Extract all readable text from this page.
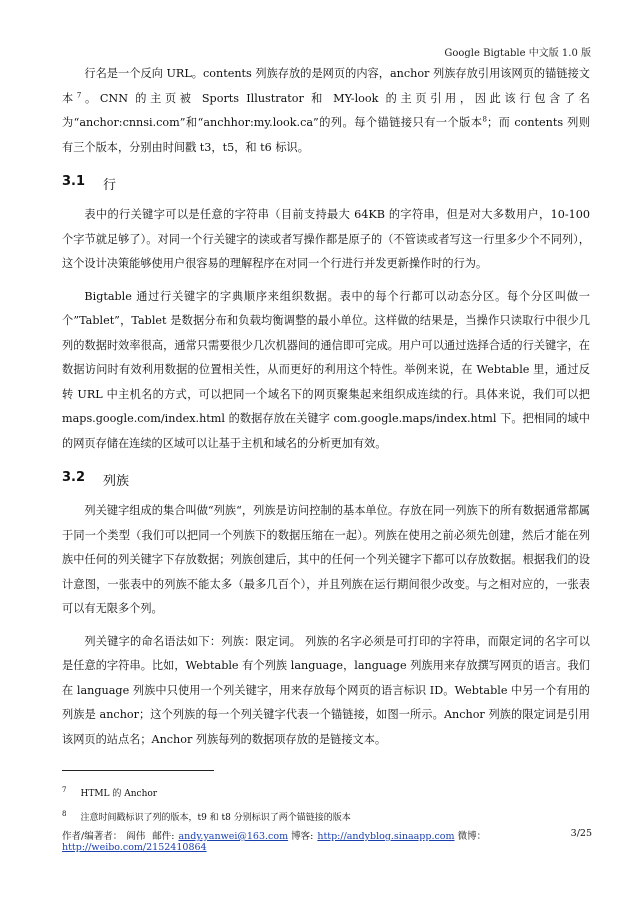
Google Bigtable 中文版 1.0 版

行名是一个反向 URL。contents 列族存放的是网页的内容，anchor 列族存放引用该网页的锚链接文本$^7$。CNN 的主页被 Sports Illustrator 和 MY-look 的主页引用，因此该行包含了名为“anchor:cnnsi.com”和“anchhor:my.look.ca”的列。每个锚链接只有一个版本$^8$；而 contents 列则有三个版本，分别由时间戳 t3，t5，和 t6 标识。

3.1 行

表中的行关键字可以是任意的字符串（目前支持最大 64KB 的字符串，但是对大多数用户，10-100 个字节就足够了）。对同一个行关键字的读或者写操作都是原子的（不管读或者写这一行里多少个不同列），这个设计决策能够使用户很容易的理解程序在对同一个行进行并发更新操作时的行为。

Bigtable 通过行关键字的字典顺序来组织数据。表中的每个行都可以动态分区。每个分区叫做一个”Tablet”，Tablet 是数据分布和负载均衡调整的最小单位。这样做的结果是，当操作只读取行中很少几列的数据时效率很高，通常只需要很少几次机器间的通信即可完成。用户可以通过选择合适的行关键字，在数据访问时有效利用数据的位置相关性，从而更好的利用这个特性。举例来说，在 Webtable 里，通过反转 URL 中主机名的方式，可以把同一个域名下的网页聚集起来组织成连续的行。具体来说，我们可以把 maps.google.com/index.html 的数据存放在关键字 com.google.maps/index.html 下。把相同的域中的网页存储在连续的区域可以让基于主机和域名的分析更加有效。

3.2 列族

列关键字组成的集合叫做“列族“，列族是访问控制的基本单位。存放在同一列族下的所有数据通常都属于同一个类型（我们可以把同一个列族下的数据压缩在一起）。列族在使用之前必须先创建，然后才能在列族中任何的列关键字下存放数据；列族创建后，其中的任何一个列关键字下都可以存放数据。根据我们的设计意图，一张表中的列族不能太多（最多几百个），并且列族在运行期间很少改变。与之相对应的，一张表可以有无限多个列。

列关键字的命名语法如下：列族：限定词。 列族的名字必须是可打印的字符串，而限定词的名字可以是任意的字符串。比如，Webtable 有个列族 language，language 列族用来存放撰写网页的语言。我们在 language 列族中只使用一个列关键字，用来存放每个网页的语言标识 ID。Webtable 中另一个有用的列族是 anchor；这个列族的每一个列关键字代表一个锚链接，如图一所示。Anchor 列族的限定词是引用该网页的站点名；Anchor 列族每列的数据项存放的是链接文本。

$^7$ HTML 的 Anchor
$^8$ 注意时间戳标识了列的版本，t9 和 t8 分别标识了两个锚链接的版本
作者/编著者： 阎伟 邮件: andy.yanwei@163.com 博客: http://andyblog.sinaapp.com 微博：http://weibo.com/2152410864
3/25
